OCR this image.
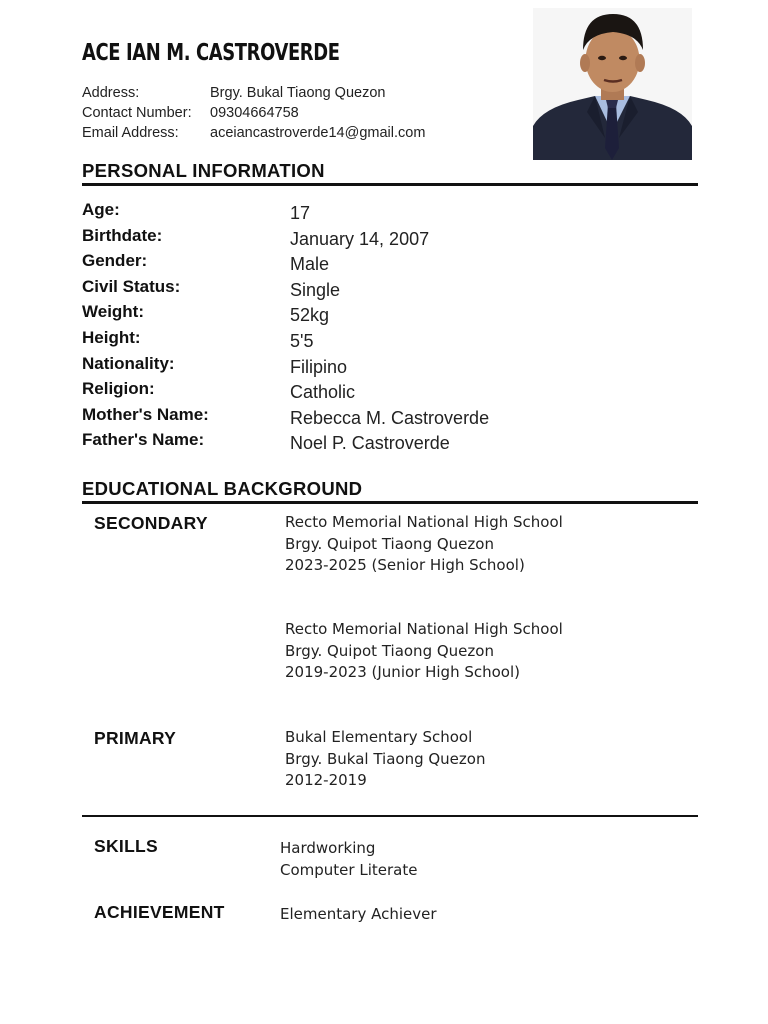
ACE IAN M. CASTROVERDE
Address:	Brgy. Bukal Tiaong Quezon
Contact Number:	09304664758
Email Address:	aceiancastroverde14@gmail.com
PERSONAL INFORMATION
Age:	17
Birthdate:	January 14, 2007
Gender:	Male
Civil Status:	Single
Weight:	52kg
Height:	5'5
Nationality:	Filipino
Religion:	Catholic
Mother's Name:	Rebecca M. Castroverde
Father's Name:	Noel P. Castroverde
EDUCATIONAL BACKGROUND
SECONDARY	Recto Memorial National High School
Brgy. Quipot Tiaong Quezon
2023-2025 (Senior High School)
Recto Memorial National High School
Brgy. Quipot Tiaong Quezon
2019-2023 (Junior High School)
PRIMARY	Bukal Elementary School
Brgy. Bukal Tiaong Quezon
2012-2019
SKILLS	Hardworking
Computer Literate
ACHIEVEMENT	Elementary Achiever
